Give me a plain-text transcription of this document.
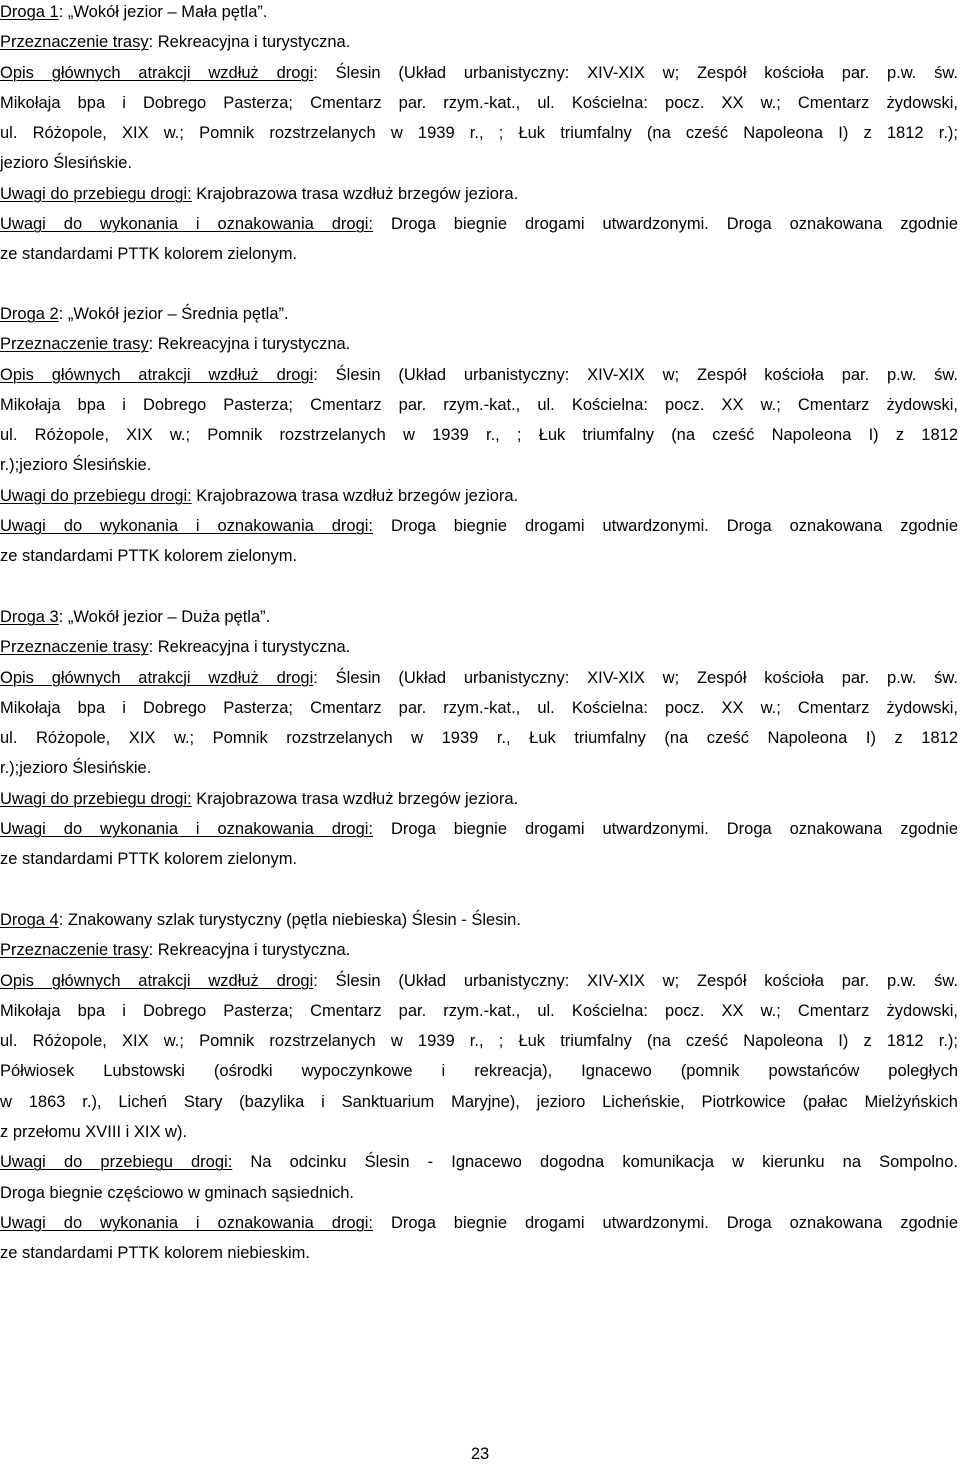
Droga 1: „Wokół jezior – Mała pętla”.
Przeznaczenie trasy: Rekreacyjna i turystyczna.
Opis głównych atrakcji wzdłuż drogi: Ślesin (Układ urbanistyczny: XIV-XIX w; Zespół kościoła par. p.w. św.
Mikołaja bpa i Dobrego Pasterza; Cmentarz par. rzym.-kat., ul. Kościelna: pocz. XX w.; Cmentarz żydowski,
ul. Różopole, XIX w.; Pomnik rozstrzelanych w 1939 r., ; Łuk triumfalny (na cześć Napoleona I) z 1812 r.);
jezioro Ślesińskie.
Uwagi do przebiegu drogi: Krajobrazowa trasa wzdłuż brzegów jeziora.
Uwagi do wykonania i oznakowania drogi: Droga biegnie drogami utwardzonymi. Droga oznakowana zgodnie
ze standardami PTTK kolorem zielonym.
Droga 2: „Wokół jezior – Średnia pętla”.
Przeznaczenie trasy: Rekreacyjna i turystyczna.
Opis głównych atrakcji wzdłuż drogi: Ślesin (Układ urbanistyczny: XIV-XIX w; Zespół kościoła par. p.w. św.
Mikołaja bpa i Dobrego Pasterza; Cmentarz par. rzym.-kat., ul. Kościelna: pocz. XX w.; Cmentarz żydowski,
ul. Różopole, XIX w.; Pomnik rozstrzelanych w 1939 r., ; Łuk triumfalny (na cześć Napoleona I) z 1812
r.);jezioro Ślesińskie.
Uwagi do przebiegu drogi: Krajobrazowa trasa wzdłuż brzegów jeziora.
Uwagi do wykonania i oznakowania drogi: Droga biegnie drogami utwardzonymi. Droga oznakowana zgodnie
ze standardami PTTK kolorem zielonym.
Droga 3: „Wokół jezior – Duża pętla”.
Przeznaczenie trasy: Rekreacyjna i turystyczna.
Opis głównych atrakcji wzdłuż drogi: Ślesin (Układ urbanistyczny: XIV-XIX w; Zespół kościoła par. p.w. św.
Mikołaja bpa i Dobrego Pasterza; Cmentarz par. rzym.-kat., ul. Kościelna: pocz. XX w.; Cmentarz żydowski,
ul. Różopole, XIX w.; Pomnik rozstrzelanych w 1939 r., Łuk triumfalny (na cześć Napoleona I) z 1812
r.);jezioro Ślesińskie.
Uwagi do przebiegu drogi: Krajobrazowa trasa wzdłuż brzegów jeziora.
Uwagi do wykonania i oznakowania drogi: Droga biegnie drogami utwardzonymi. Droga oznakowana zgodnie
ze standardami PTTK kolorem zielonym.
Droga 4: Znakowany szlak turystyczny (pętla niebieska) Ślesin - Ślesin.
Przeznaczenie trasy: Rekreacyjna i turystyczna.
Opis głównych atrakcji wzdłuż drogi: Ślesin (Układ urbanistyczny: XIV-XIX w; Zespół kościoła par. p.w. św.
Mikołaja bpa i Dobrego Pasterza; Cmentarz par. rzym.-kat., ul. Kościelna: pocz. XX w.; Cmentarz żydowski,
ul. Różopole, XIX w.; Pomnik rozstrzelanych w 1939 r., ; Łuk triumfalny (na cześć Napoleona I) z 1812 r.);
Półwiosek Lubstowski (ośrodki wypoczynkowe i rekreacja), Ignacewo (pomnik powstańców poległych
w 1863 r.), Licheń Stary (bazylika i Sanktuarium Maryjne), jezioro Licheńskie, Piotrkowice (pałac Mielżyńskich
z przełomu XVIII i XIX w).
Uwagi do przebiegu drogi: Na odcinku Ślesin - Ignacewo dogodna komunikacja w kierunku na Sompolno.
Droga biegnie częściowo w gminach sąsiednich.
Uwagi do wykonania i oznakowania drogi: Droga biegnie drogami utwardzonymi. Droga oznakowana zgodnie
ze standardami PTTK kolorem niebieskim.
23
